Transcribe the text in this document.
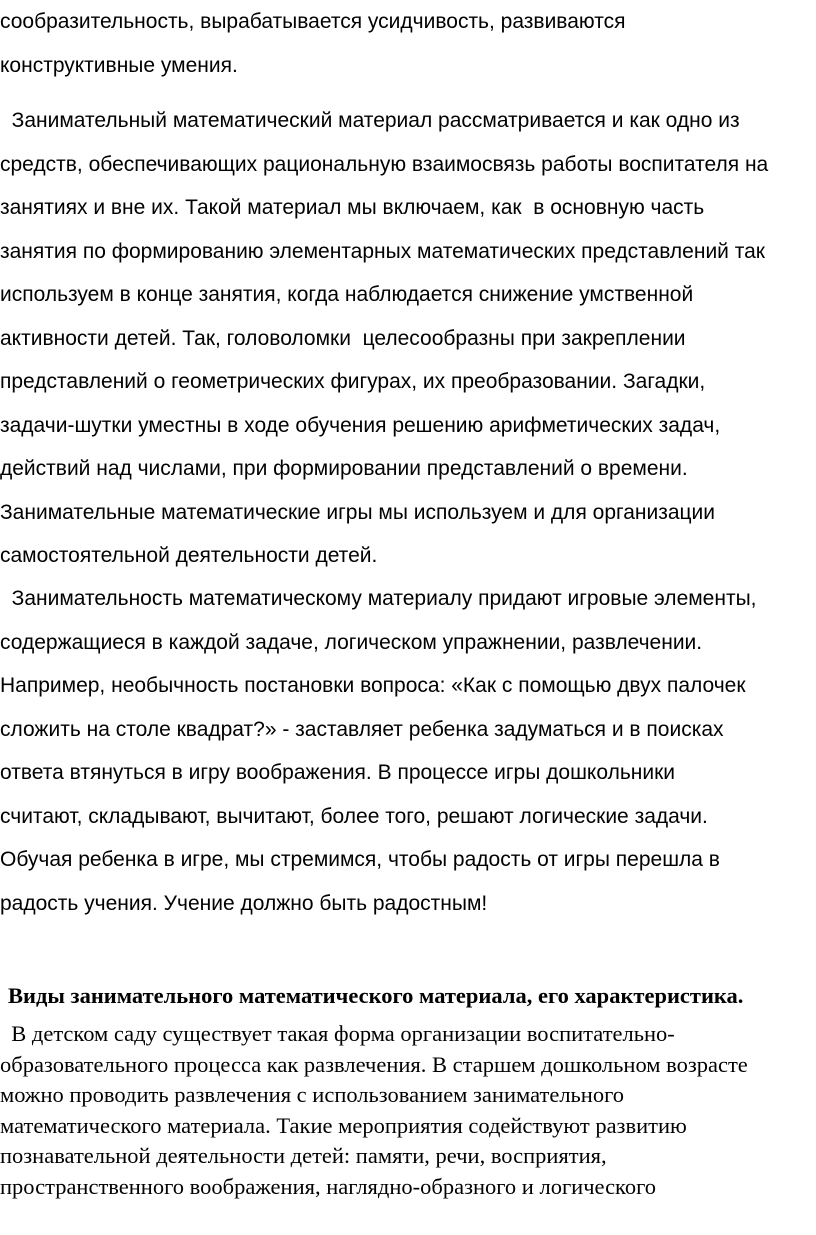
сообразительность, вырабатывается усидчивость, развиваются
конструктивные умения.
Занимательный математический материал рассматривается и как одно из
средств, обеспечивающих рациональную взаимосвязь работы воспитателя на
занятиях и вне их. Такой материал мы включаем, как  в основную часть
занятия по формированию элементарных математических представлений так
используем в конце занятия, когда наблюдается снижение умственной
активности детей. Так, головоломки  целесообразны при закреплении
представлений о геометрических фигурах, их преобразовании. Загадки,
задачи-шутки уместны в ходе обучения решению арифметических задач,
действий над числами, при формировании представлений о времени.
Занимательные математические игры мы используем и для организации
самостоятельной деятельности детей.
Занимательность математическому материалу придают игровые элементы,
содержащиеся в каждой задаче, логическом упражнении, развлечении.
Например, необычность постановки вопроса: «Как с помощью двух палочек
сложить на столе квадрат?» - заставляет ребенка задуматься и в поисках
ответа втянуться в игру воображения. В процессе игры дошкольники
считают, складывают, вычитают, более того, решают логические задачи.
Обучая ребенка в игре, мы стремимся, чтобы радость от игры перешла в
радость учения. Учение должно быть радостным!
Виды занимательного математического материала, его характеристика.
В детском саду существует такая форма организации воспитательно-
образовательного процесса как развлечения. В старшем дошкольном возрасте
можно проводить развлечения с использованием занимательного
математического материала. Такие мероприятия содействуют развитию
познавательной деятельности детей: памяти, речи, восприятия,
пространственного воображения, наглядно-образного и логического
